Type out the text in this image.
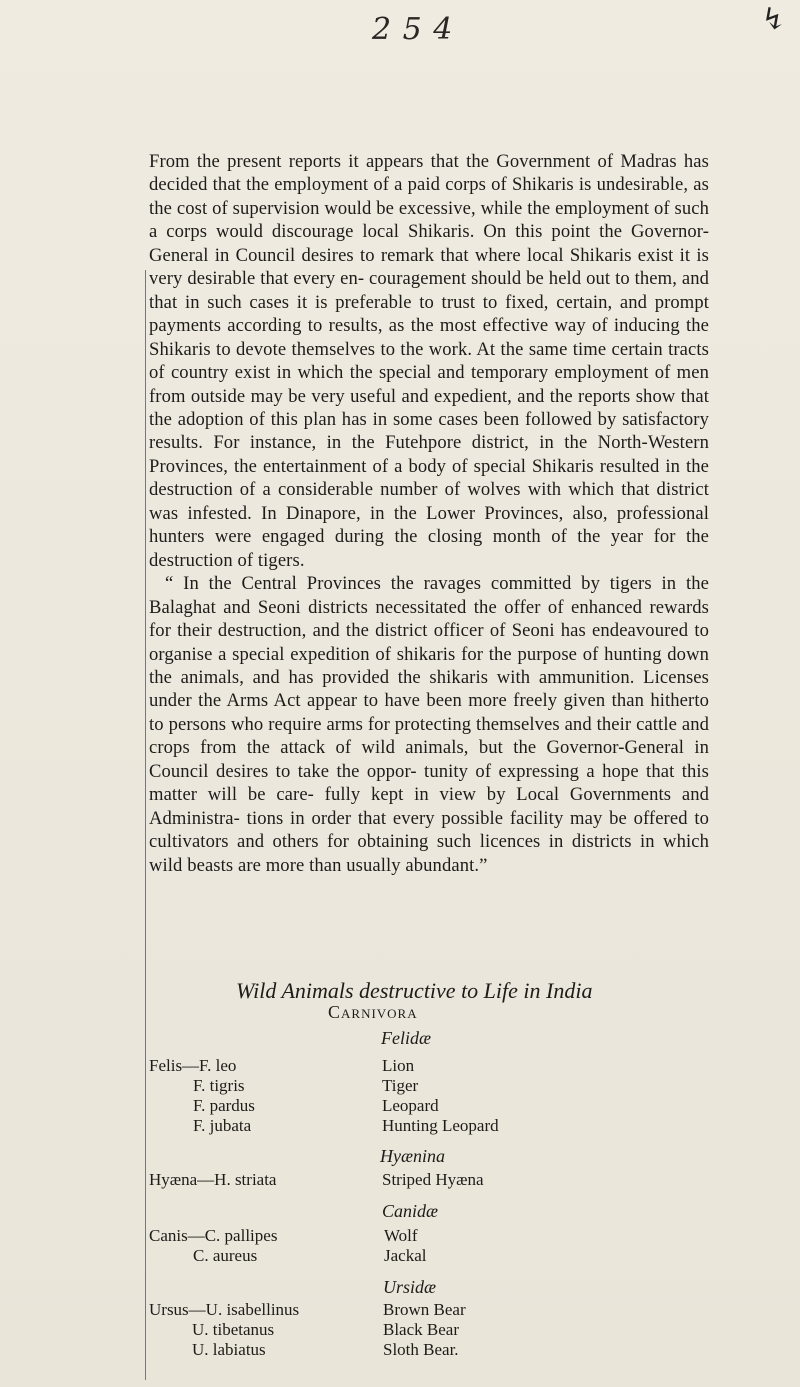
2 5 4	↯

From the present reports it appears that the Government of Madras has decided that the employment of a paid corps of Shikaris is undesirable, as the cost of supervision would be excessive, while the employment of such a corps would discourage local Shikaris. On this point the Governor-General in Council desires to remark that where local Shikaris exist it is very desirable that every en- couragement should be held out to them, and that in such cases it is preferable to trust to fixed, certain, and prompt payments according to results, as the most effective way of inducing the Shikaris to devote themselves to the work. At the same time certain tracts of country exist in which the special and temporary employment of men from outside may be very useful and expedient, and the reports show that the adoption of this plan has in some cases been followed by satisfactory results. For instance, in the Futehpore district, in the North-Western Provinces, the entertainment of a body of special Shikaris resulted in the destruction of a considerable number of wolves with which that district was infested. In Dinapore, in the Lower Provinces, also, professional hunters were engaged during the closing month of the year for the destruction of tigers.

“ In the Central Provinces the ravages committed by tigers in the Balaghat and Seoni districts necessitated the offer of enhanced rewards for their destruction, and the district officer of Seoni has endeavoured to organise a special expedition of shikaris for the purpose of hunting down the animals, and has provided the shikaris with ammunition. Licenses under the Arms Act appear to have been more freely given than hitherto to persons who require arms for protecting themselves and their cattle and crops from the attack of wild animals, but the Governor-General in Council desires to take the oppor- tunity of expressing a hope that this matter will be care- fully kept in view by Local Governments and Administra- tions in order that every possible facility may be offered to cultivators and others for obtaining such licences in districts in which wild beasts are more than usually abundant.”

Wild Animals destructive to Life in India
Carnivora
Felidæ
Felis—F. leo	Lion
F. tigris	Tiger
F. pardus	Leopard
F. jubata	Hunting Leopard
Hyænina
Hyæna—H. striata	Striped Hyæna
Canidæ
Canis—C. pallipes	Wolf
C. aureus	Jackal
Ursidæ
Ursus—U. isabellinus	Brown Bear
U. tibetanus	Black Bear
U. labiatus	Sloth Bear.
